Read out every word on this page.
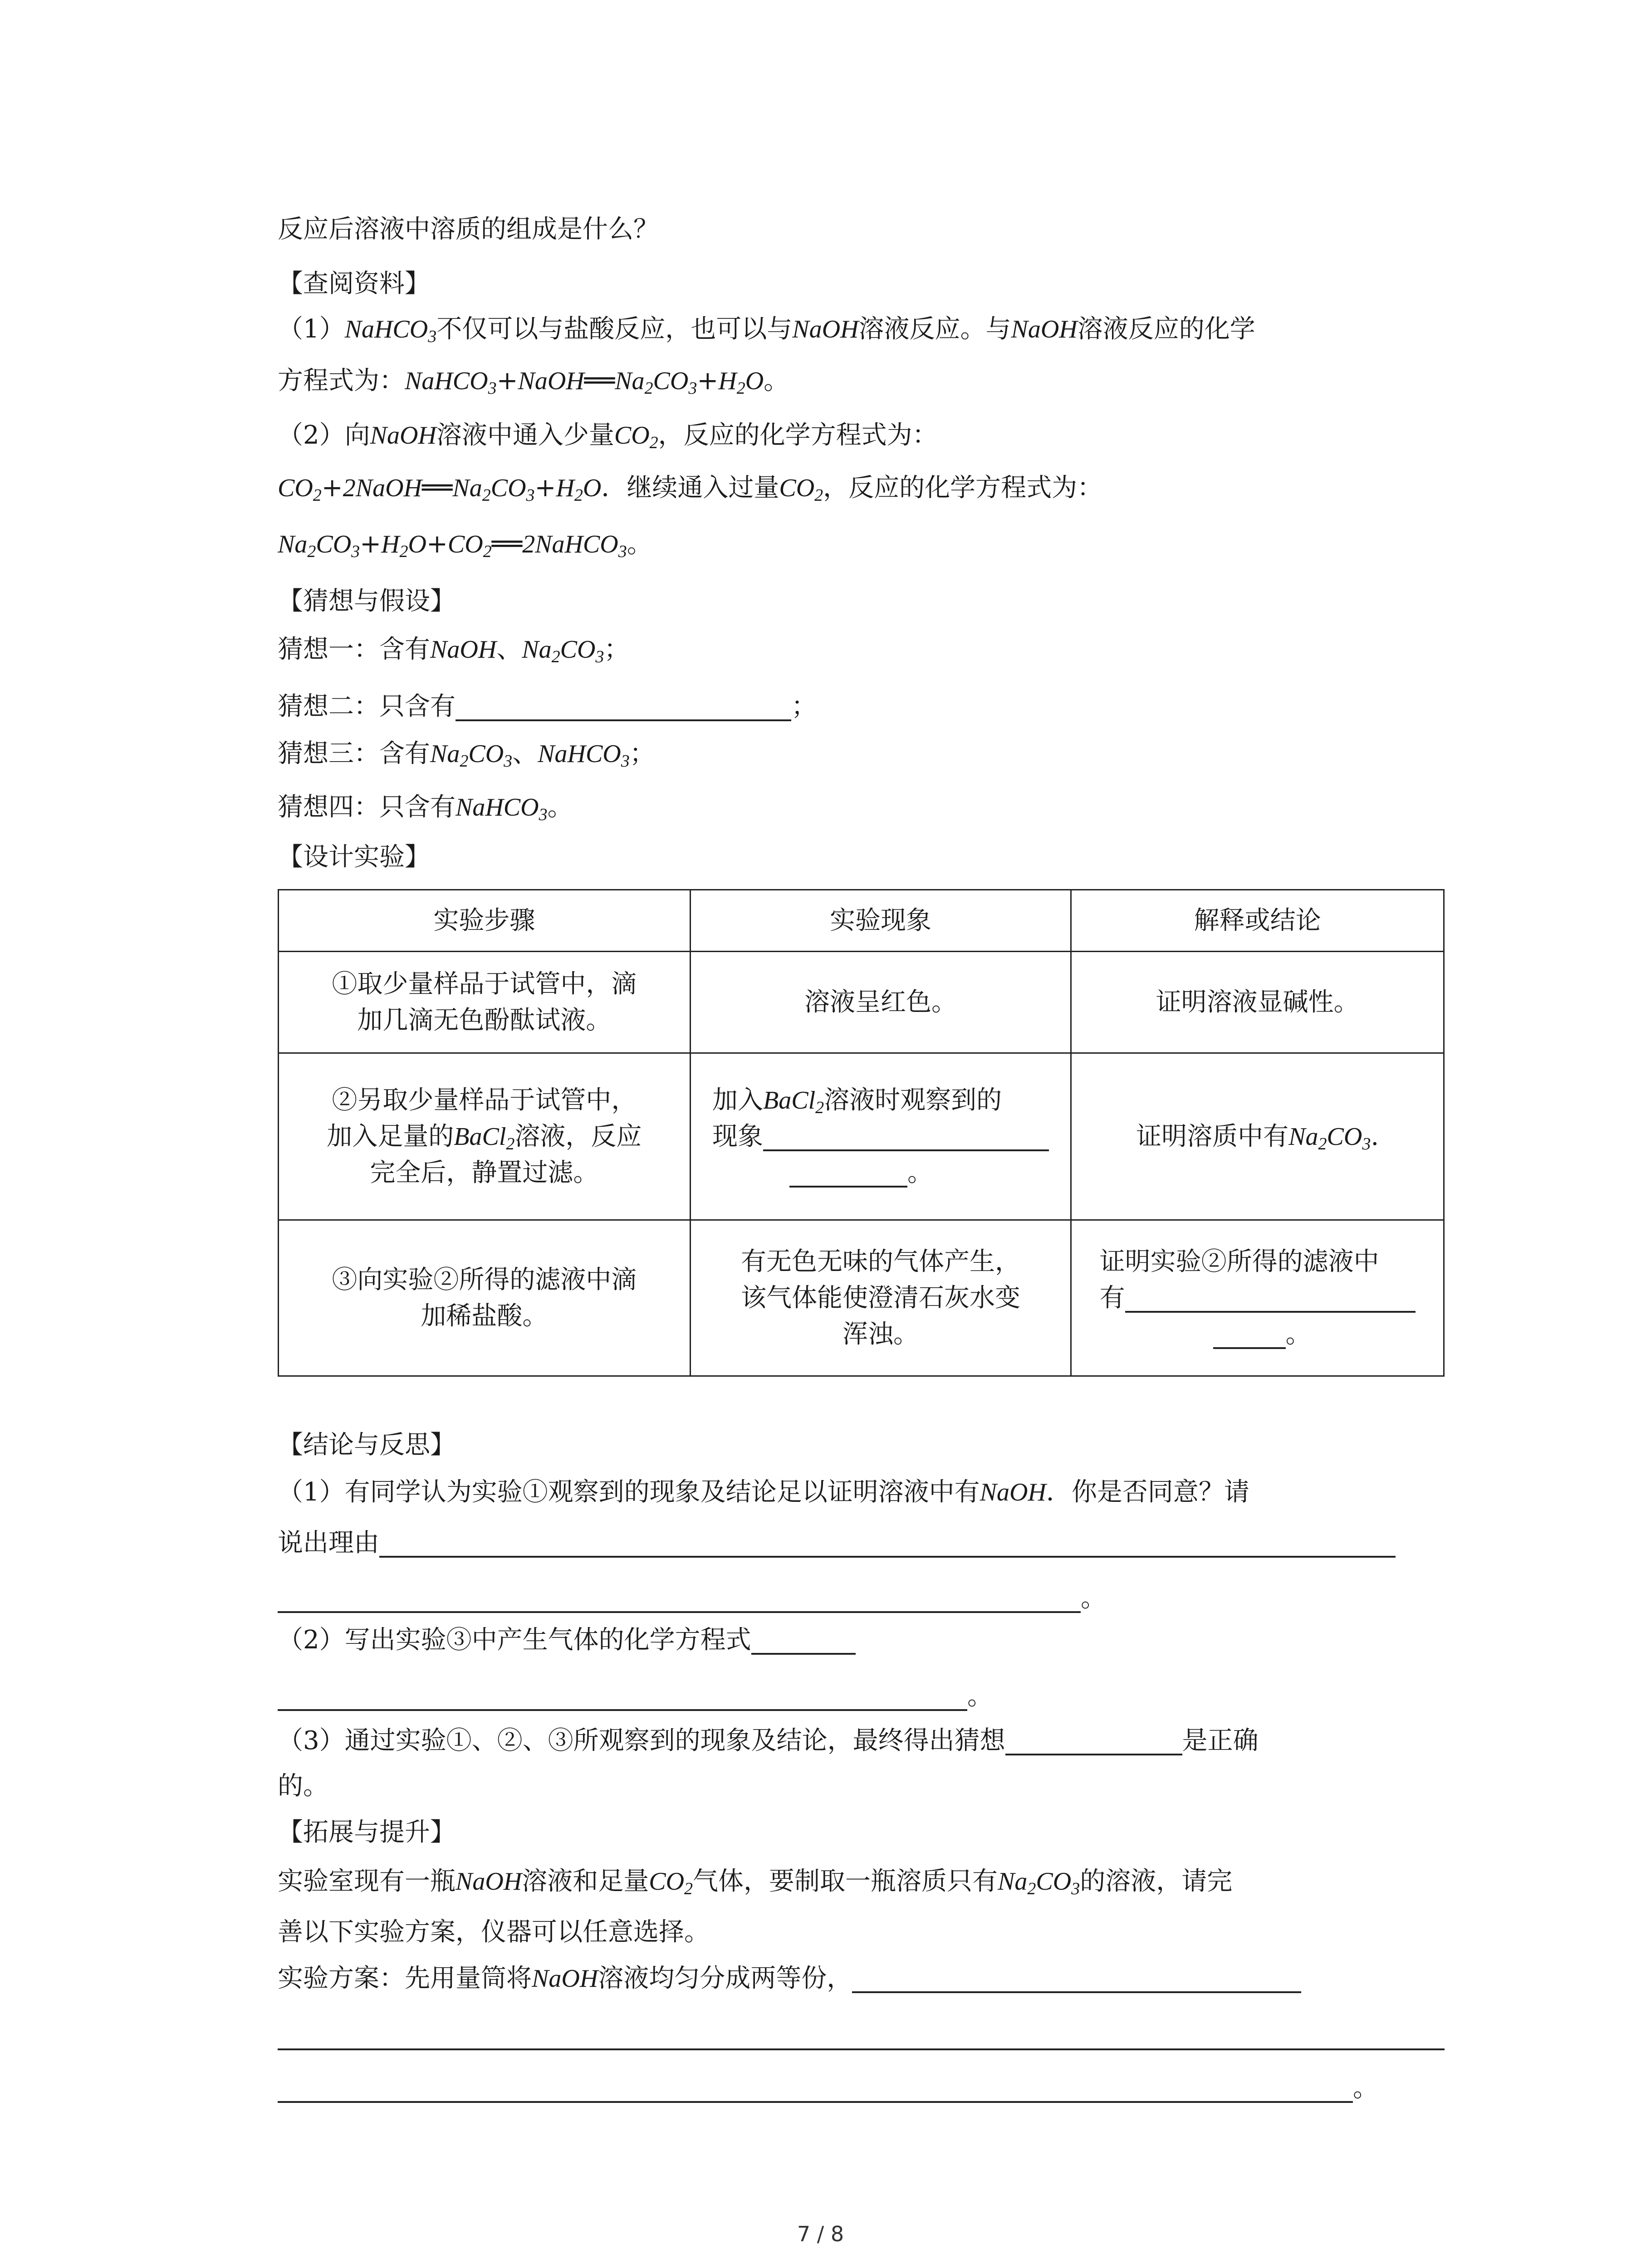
反应后溶液中溶质的组成是什么？
【查阅资料】
（1）NaHCO$_3$不仅可以与盐酸反应，也可以与NaOH溶液反应。与NaOH溶液反应的化学
方程式为：$NaHCO_3+NaOH══Na_2CO_3+H_2O$。
（2）向NaOH溶液中通入少量$CO_2$，反应的化学方程式为：
$CO_2+2NaOH══Na_2CO_3+H_2O$．继续通入过量$CO_2$，反应的化学方程式为：
$Na_2CO_3+H_2O+CO_2══2NaHCO_3$。
【猜想与假设】
猜想一：含有NaOH、$Na_2CO_3$；
猜想二：只含有	；
猜想三：含有$Na_2CO_3$、NaHCO$_3$；
猜想四：只含有NaHCO$_3$。
【设计实验】
实验步骤	实验现象	解释或结论
①取少量样品于试管中，滴
加几滴无色酚酞试液。	溶液呈红色。	证明溶液显碱性。
②另取少量样品于试管中，
加入足量的BaCl$_2$溶液，反应
完全后，静置过滤。	加入BaCl$_2$溶液时观察到的
现象
。	证明溶质中有$Na_2CO_3$.
③向实验②所得的滤液中滴
加稀盐酸。	有无色无味的气体产生，
该气体能使澄清石灰水变
浑浊。	证明实验②所得的滤液中
有
。
【结论与反思】
（1）有同学认为实验①观察到的现象及结论足以证明溶液中有NaOH．你是否同意？请
说出理由
。
（2）写出实验③中产生气体的化学方程式
。
（3）通过实验①、②、③所观察到的现象及结论，最终得出猜想	是正确
的。
【拓展与提升】
实验室现有一瓶NaOH溶液和足量$CO_2$气体，要制取一瓶溶质只有$Na_2CO_3$的溶液，请完
善以下实验方案，仪器可以任意选择。
实验方案：先用量筒将NaOH溶液均匀分成两等份，
。
7 / 8
